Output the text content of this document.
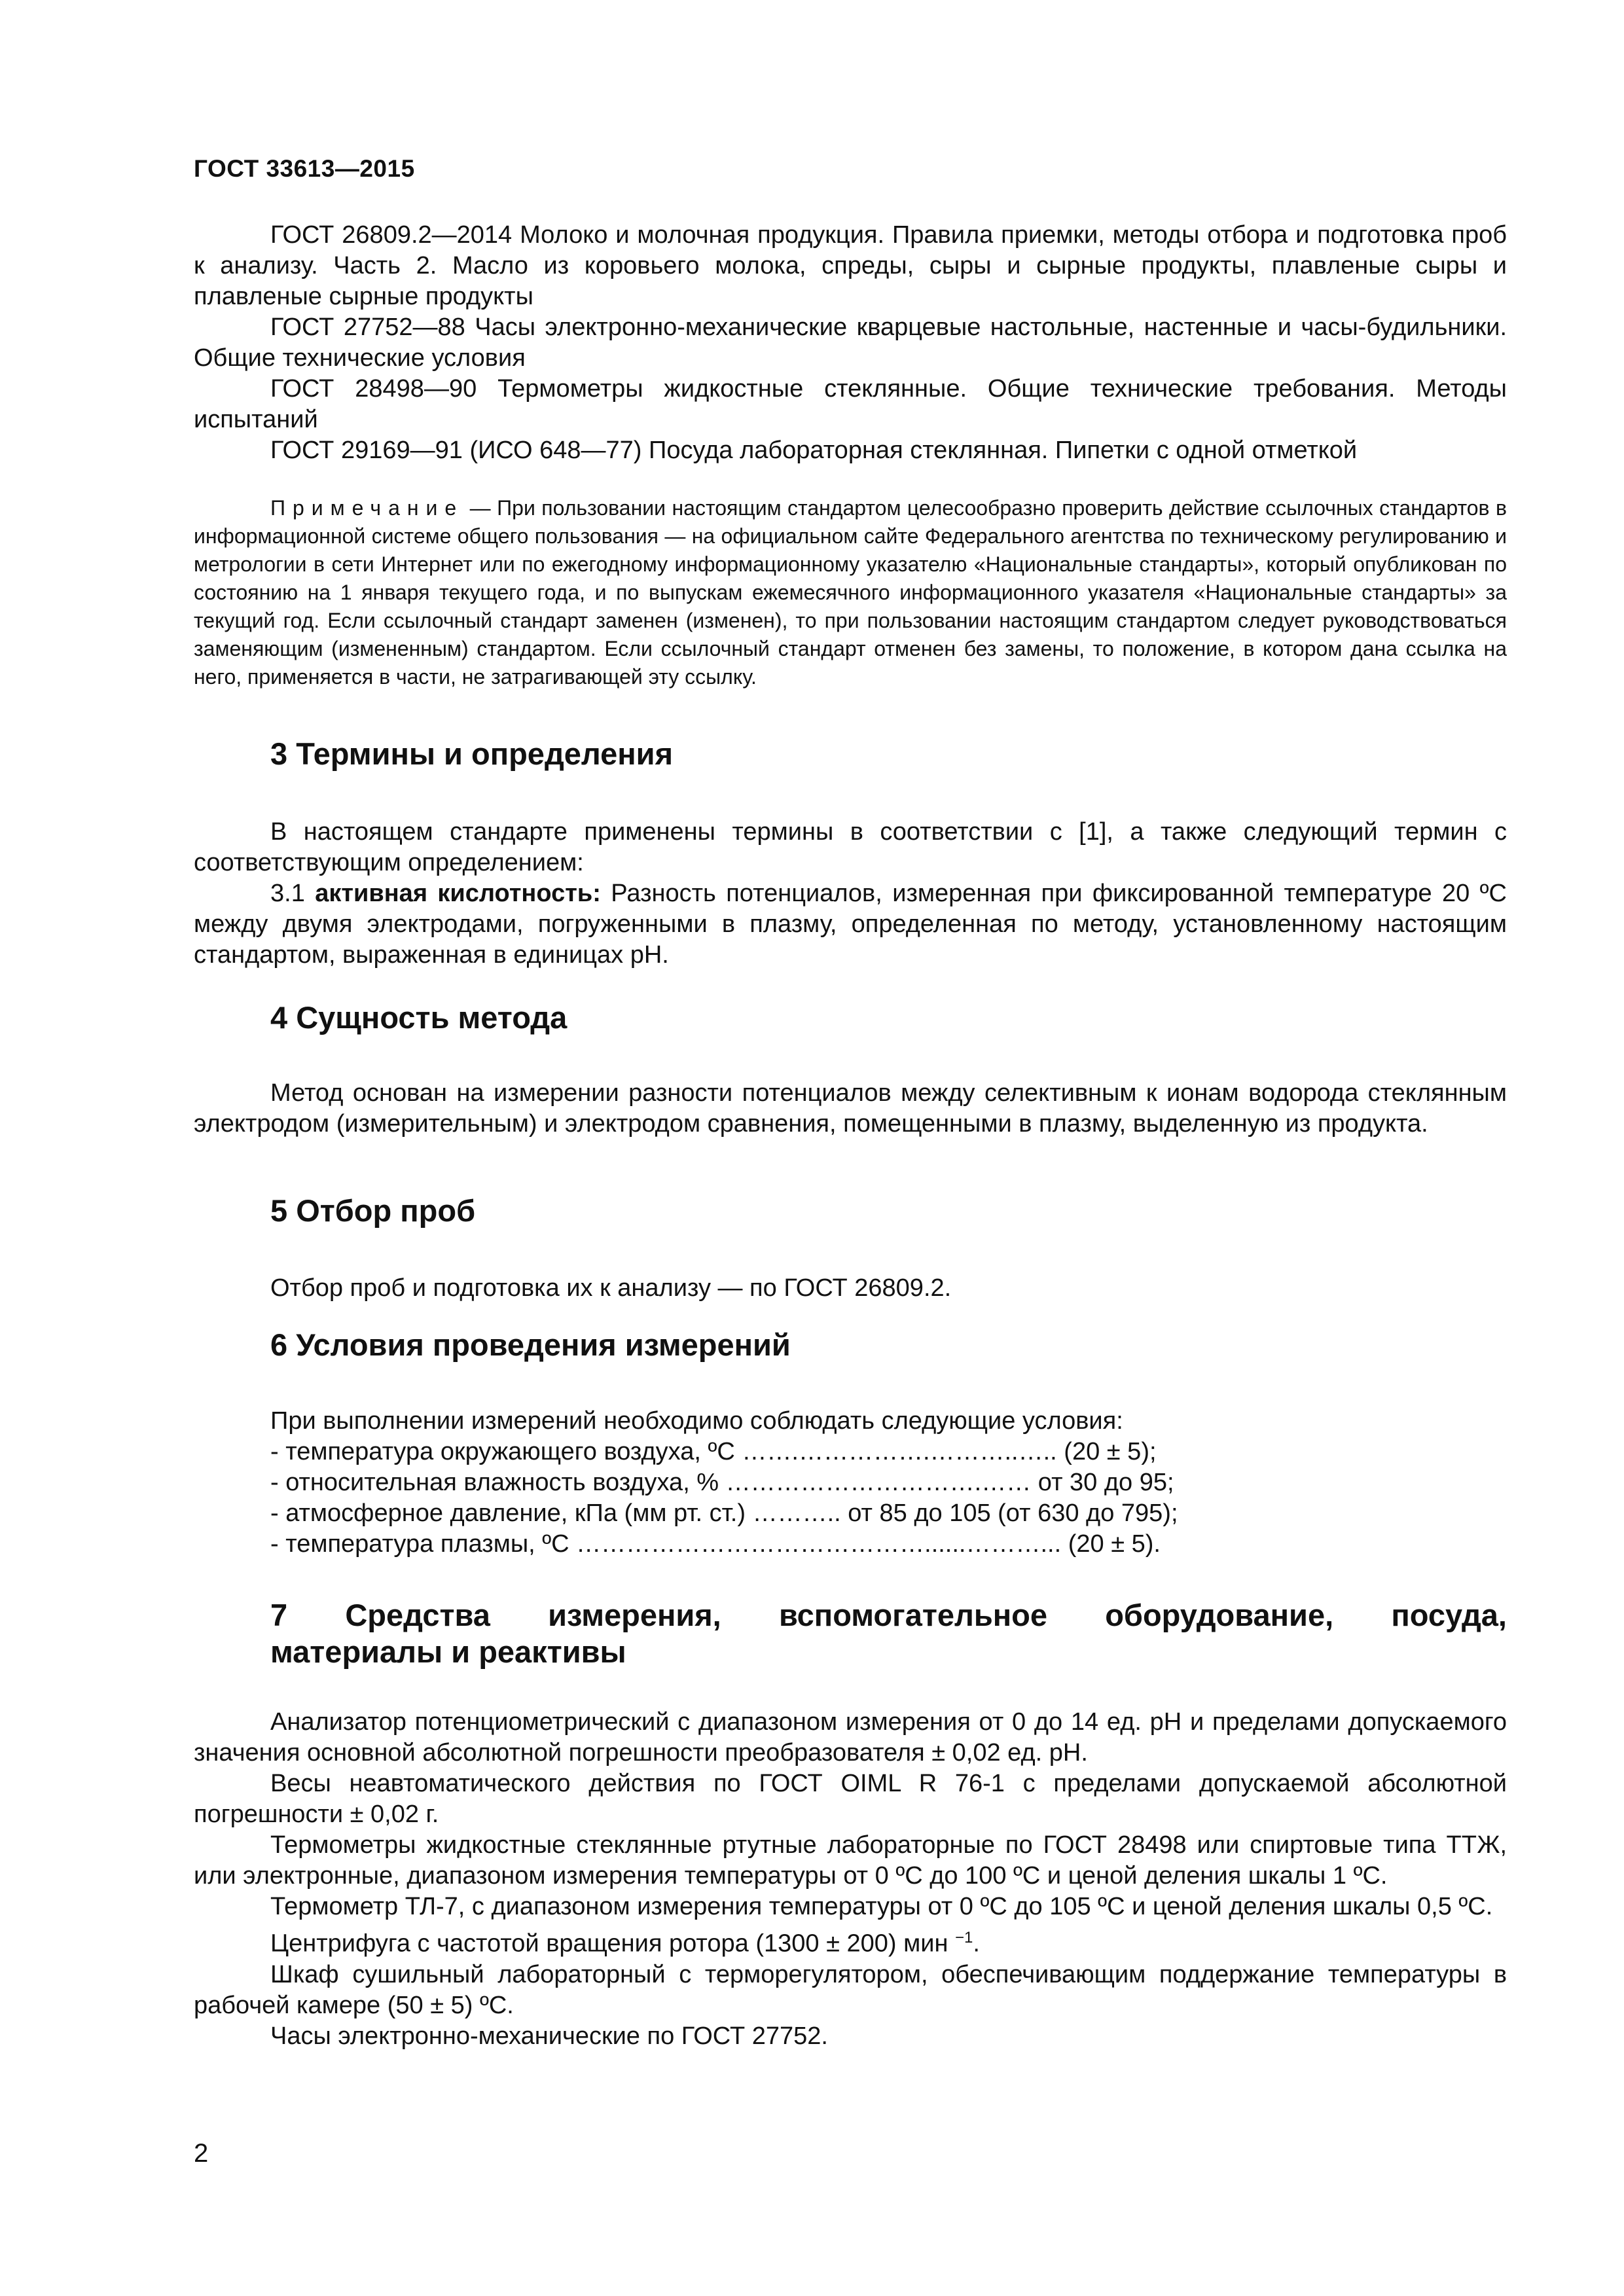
ГОСТ 33613—2015

ГОСТ 26809.2—2014 Молоко и молочная продукция. Правила приемки, методы отбора и подготовка проб к анализу. Часть 2. Масло из коровьего молока, спреды, сыры и сырные продукты, плавленые сыры и плавленые сырные продукты

ГОСТ 27752—88 Часы электронно-механические кварцевые настольные, настенные и часы-будильники. Общие технические условия

ГОСТ 28498—90 Термометры жидкостные стеклянные. Общие технические требования. Методы испытаний

ГОСТ 29169—91 (ИСО 648—77) Посуда лабораторная стеклянная. Пипетки с одной отметкой

Примечание — При пользовании настоящим стандартом целесообразно проверить действие ссылочных стандартов в информационной системе общего пользования — на официальном сайте Федерального агентства по техническому регулированию и метрологии в сети Интернет или по ежегодному информационному указателю «Национальные стандарты», который опубликован по состоянию на 1 января текущего года, и по выпускам ежемесячного информационного указателя «Национальные стандарты» за текущий год. Если ссылочный стандарт заменен (изменен), то при пользовании настоящим стандартом следует руководствоваться заменяющим (измененным) стандартом. Если ссылочный стандарт отменен без замены, то положение, в котором дана ссылка на него, применяется в части, не затрагивающей эту ссылку.

3 Термины и определения

В настоящем стандарте применены термины в соответствии с [1], а также следующий термин с соответствующим определением:

3.1 активная кислотность: Разность потенциалов, измеренная при фиксированной температуре 20 ºС между двумя электродами, погруженными в плазму, определенная по методу, установленному настоящим стандартом, выраженная в единицах рН.

4 Сущность метода

Метод основан на измерении разности потенциалов между селективным к ионам водорода стеклянным электродом (измерительным) и электродом сравнения, помещенными в плазму, выделенную из продукта.

5 Отбор проб

Отбор проб и подготовка их к анализу — по ГОСТ 26809.2.

6 Условия проведения измерений
При выполнении измерений необходимо соблюдать следующие условия:
- температура окружающего воздуха, ºС …….…………….………..….. (20 ± 5);
- относительная влажность воздуха, % ………………………….…… от 30 до 95;
- атмосферное давление, кПа (мм рт. ст.) ……….. от 85 до 105 (от 630 до 795);
- температура плазмы, ºС ……………………………………......………... (20 ± 5).
7 Средства измерения, вспомогательное оборудование, посуда,
материалы и реактивы

Анализатор потенциометрический с диапазоном измерения от 0 до 14 ед. рН и пределами допускаемого значения основной абсолютной погрешности преобразователя ± 0,02 ед. рН.

Весы неавтоматического действия по ГОСТ OIML R 76-1 с пределами допускаемой абсолютной погрешности ± 0,02 г.

Термометры жидкостные стеклянные ртутные лабораторные по ГОСТ 28498 или спиртовые типа ТТЖ, или электронные, диапазоном измерения температуры от 0 ºС до 100 ºС и ценой деления шкалы 1 ºС.

Термометр ТЛ-7, с диапазоном измерения температуры от 0 ºС до 105 ºС и ценой деления шкалы 0,5 ºС.

Центрифуга с частотой вращения ротора (1300 ± 200) мин $^{-1}$.

Шкаф сушильный лабораторный с терморегулятором, обеспечивающим поддержание температуры в рабочей камере (50 ± 5) ºС.

Часы электронно-механические по ГОСТ 27752.

2
